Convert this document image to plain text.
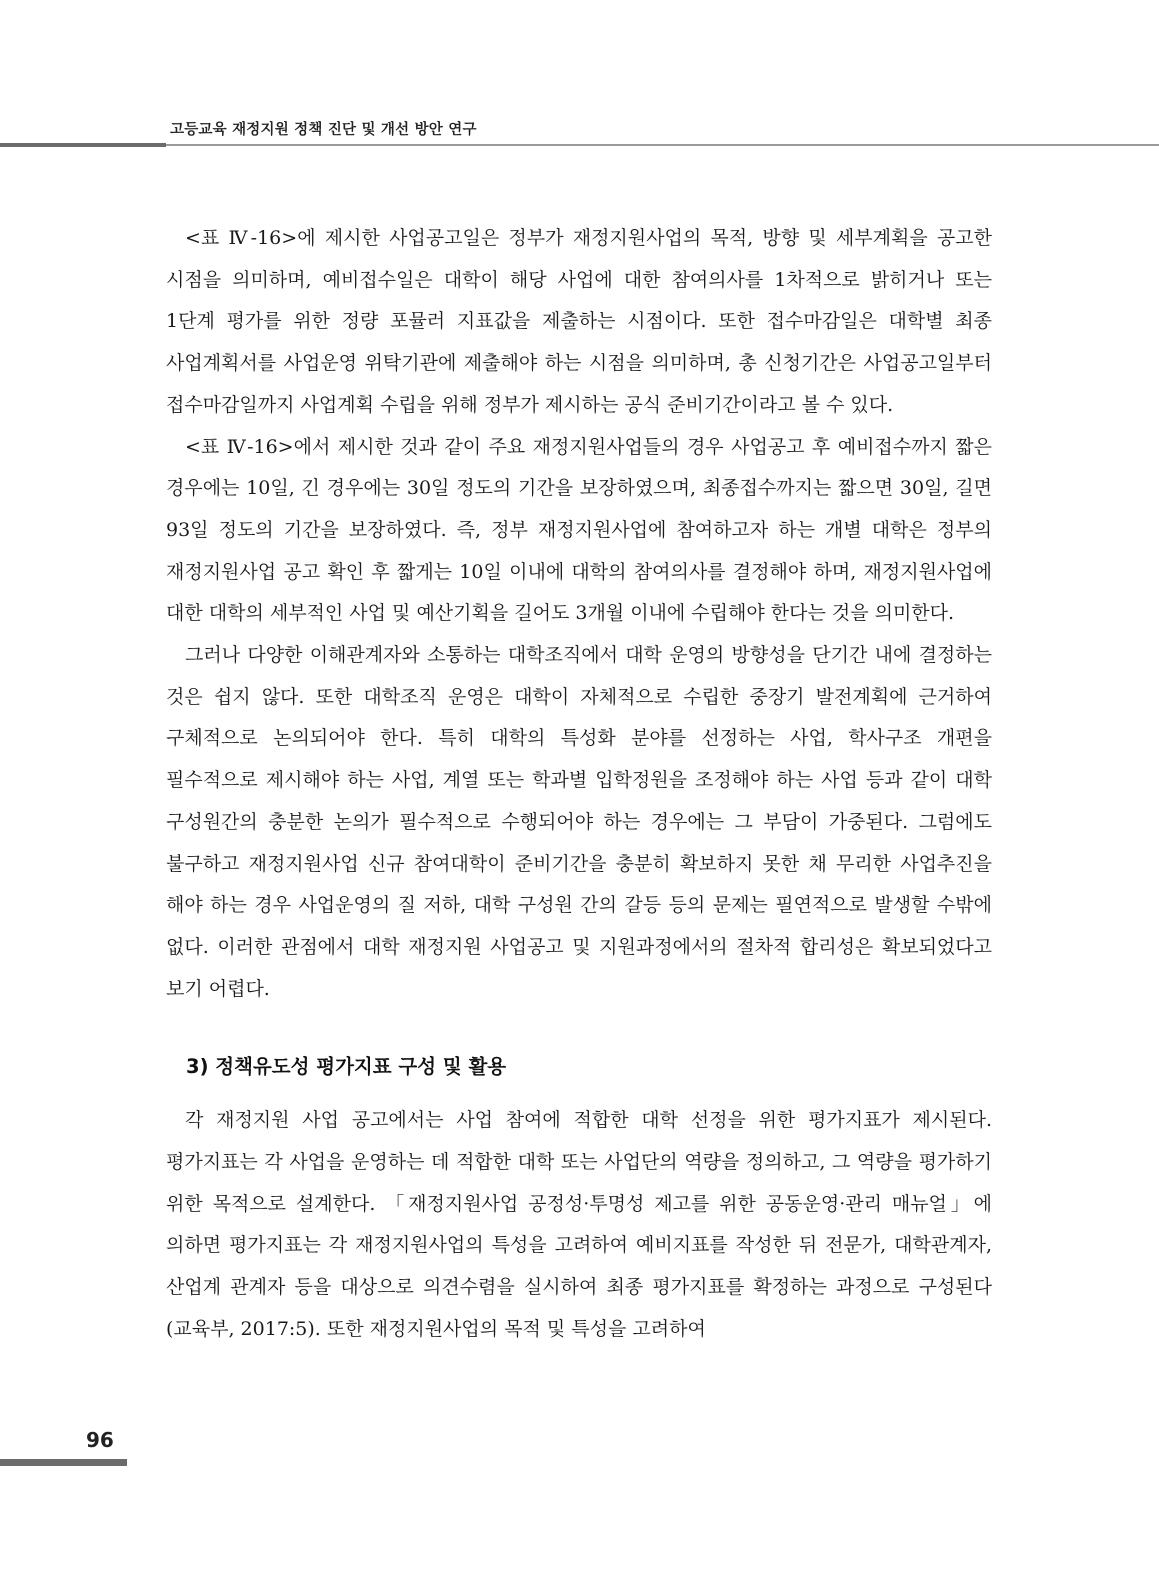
고등교육 재정지원 정책 진단 및 개선 방안 연구

<표 Ⅳ-16>에 제시한 사업공고일은 정부가 재정지원사업의 목적, 방향 및 세부계획을 공고한 시점을 의미하며, 예비접수일은 대학이 해당 사업에 대한 참여의사를 1차적으로 밝히거나 또는 1단계 평가를 위한 정량 포뮬러 지표값을 제출하는 시점이다. 또한 접수마감일은 대학별 최종 사업계획서를 사업운영 위탁기관에 제출해야 하는 시점을 의미하며, 총 신청기간은 사업공고일부터 접수마감일까지 사업계획 수립을 위해 정부가 제시하는 공식 준비기간이라고 볼 수 있다.

<표 Ⅳ-16>에서 제시한 것과 같이 주요 재정지원사업들의 경우 사업공고 후 예비접수까지 짧은 경우에는 10일, 긴 경우에는 30일 정도의 기간을 보장하였으며, 최종접수까지는 짧으면 30일, 길면 93일 정도의 기간을 보장하였다. 즉, 정부 재정지원사업에 참여하고자 하는 개별 대학은 정부의 재정지원사업 공고 확인 후 짧게는 10일 이내에 대학의 참여의사를 결정해야 하며, 재정지원사업에 대한 대학의 세부적인 사업 및 예산기획을 길어도 3개월 이내에 수립해야 한다는 것을 의미한다.

그러나 다양한 이해관계자와 소통하는 대학조직에서 대학 운영의 방향성을 단기간 내에 결정하는 것은 쉽지 않다. 또한 대학조직 운영은 대학이 자체적으로 수립한 중장기 발전계획에 근거하여 구체적으로 논의되어야 한다. 특히 대학의 특성화 분야를 선정하는 사업, 학사구조 개편을 필수적으로 제시해야 하는 사업, 계열 또는 학과별 입학정원을 조정해야 하는 사업 등과 같이 대학 구성원간의 충분한 논의가 필수적으로 수행되어야 하는 경우에는 그 부담이 가중된다. 그럼에도 불구하고 재정지원사업 신규 참여대학이 준비기간을 충분히 확보하지 못한 채 무리한 사업추진을 해야 하는 경우 사업운영의 질 저하, 대학 구성원 간의 갈등 등의 문제는 필연적으로 발생할 수밖에 없다. 이러한 관점에서 대학 재정지원 사업공고 및 지원과정에서의 절차적 합리성은 확보되었다고 보기 어렵다.

3) 정책유도성 평가지표 구성 및 활용

각 재정지원 사업 공고에서는 사업 참여에 적합한 대학 선정을 위한 평가지표가 제시된다. 평가지표는 각 사업을 운영하는 데 적합한 대학 또는 사업단의 역량을 정의하고, 그 역량을 평가하기 위한 목적으로 설계한다. 「재정지원사업 공정성·투명성 제고를 위한 공동운영·관리 매뉴얼」에 의하면 평가지표는 각 재정지원사업의 특성을 고려하여 예비지표를 작성한 뒤 전문가, 대학관계자, 산업계 관계자 등을 대상으로 의견수렴을 실시하여 최종 평가지표를 확정하는 과정으로 구성된다(교육부, 2017:5). 또한 재정지원사업의 목적 및 특성을 고려하여

96
